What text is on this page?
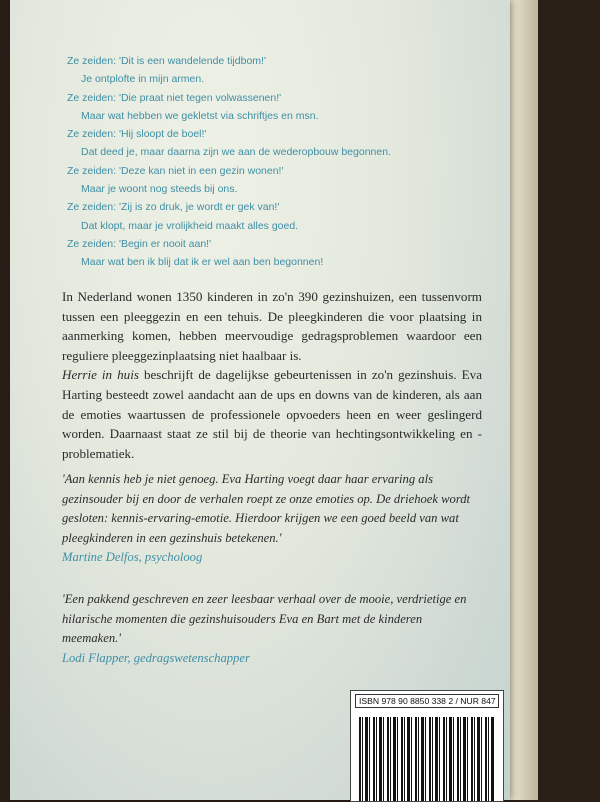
Ze zeiden: 'Dit is een wandelende tijdbom!'
Je ontplofte in mijn armen.
Ze zeiden: 'Die praat niet tegen volwassenen!'
Maar wat hebben we gekletst via schriftjes en msn.
Ze zeiden: 'Hij sloopt de boel!'
Dat deed je, maar daarna zijn we aan de wederopbouw begonnen.
Ze zeiden: 'Deze kan niet in een gezin wonen!'
Maar je woont nog steeds bij ons.
Ze zeiden: 'Zij is zo druk, je wordt er gek van!'
Dat klopt, maar je vrolijkheid maakt alles goed.
Ze zeiden: 'Begin er nooit aan!'
Maar wat ben ik blij dat ik er wel aan ben begonnen!
In Nederland wonen 1350 kinderen in zo'n 390 gezinshuizen, een tussenvorm tussen een pleeggezin en een tehuis. De pleegkinderen die voor plaatsing in aanmerking komen, hebben meervoudige gedragsproblemen waardoor een reguliere pleeggezinplaatsing niet haalbaar is.
Herrie in huis beschrijft de dagelijkse gebeurtenissen in zo'n gezinshuis. Eva Harting besteedt zowel aandacht aan de ups en downs van de kinderen, als aan de emoties waartussen de professionele opvoeders heen en weer geslingerd worden. Daarnaast staat ze stil bij de theorie van hechtingsontwikkeling en -problematiek.
'Aan kennis heb je niet genoeg. Eva Harting voegt daar haar ervaring als gezinsouder bij en door de verhalen roept ze onze emoties op. De driehoek wordt gesloten: kennis-ervaring-emotie. Hierdoor krijgen we een goed beeld van wat pleegkinderen in een gezinshuis betekenen.'
Martine Delfos, psycholoog
'Een pakkend geschreven en zeer leesbaar verhaal over de mooie, verdrietige en hilarische momenten die gezinshuisouders Eva en Bart met de kinderen meemaken.'
Lodi Flapper, gedragswetenschapper
ISBN 978 90 8850 338 2 / NUR 847
